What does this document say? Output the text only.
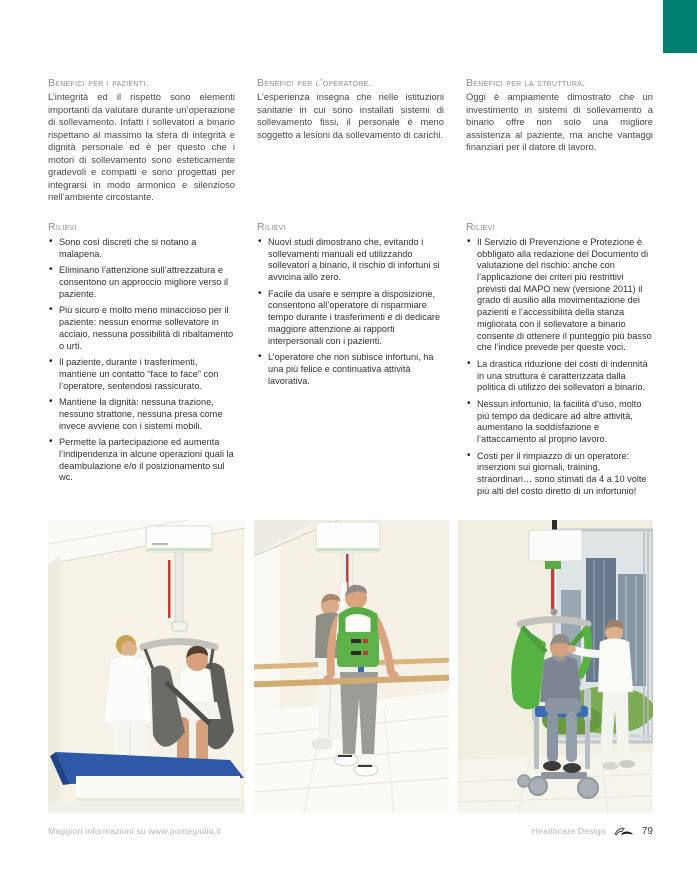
Benefici per i pazienti.

L’integrità ed il rispetto sono elementi importanti da valutare durante un’operazione di sollevamento. Infatti i sollevatori a binario rispettano al massimo la sfera di integrità e dignità personale ed è per questo che i motori di sollevamento sono esteticamente gradevoli e compatti e sono progettati per integrarsi in modo armonico e silenzioso nell’ambiente circostante.

Benefici per l’operatore.

L’esperienza insegna che nelle istituzioni sanitarie in cui sono installati sistemi di sollevamento fissi, il personale è meno soggetto a lesioni da sollevamento di carichi.

Benefici per la struttura.

Oggi è ampiamente dimostrato che un investimento in sistemi di sollevamento a binario offre non solo una migliore assistenza al paziente, ma anche vantaggi finanziari per il datore di lavoro.

Rilievi
• Sono così discreti che si notano a malapena.
• Eliminano l’attenzione sull’attrezzatura e consentono un approccio migliore verso il paziente.
• Più sicuro e molto meno minaccioso per il paziente: nessun enorme sollevatore in acciaio, nessuna possibilità di ribaltamento o urti.
• Il paziente, durante i trasferimenti, mantiene un contatto “face to face” con l’operatore, sentendosi rassicurato.
• Mantiene la dignità: nessuna trazione, nessuno strattone, nessuna presa come invece avviene con i sistemi mobili.
• Permette la partecipazione ed aumenta l’indipendenza in alcune operazioni quali la deambulazione e/o il posizionamento sul wc.
Rilievi
• Nuovi studi dimostrano che, evitando i sollevamenti manuali ed utilizzando sollevatori a binario, il rischio di infortuni si avvicina allo zero.
• Facile da usare e sempre a disposizione, consentono all’operatore di risparmiare tempo durante i trasferimenti e di dedicare maggiore attenzione ai rapporti interpersonali con i pazienti.
• L’operatore che non subisce infortuni, ha una più felice e continuativa attività lavorativa.
Rilievi
• Il Servizio di Prevenzione e Protezione è obbligato alla redazione del Documento di valutazione del rischio: anche con l’applicazione dei criteri più restrittivi previsti dal MAPO new (versione 2011) il grado di ausilio alla movimentazione dei pazienti e l’accessibilità della stanza migliorata con il sollevatore a binario consente di ottenere il punteggio più basso che l’indice prevede per queste voci.
• La drastica riduzione dei costi di indennità in una struttura è caratterizzata dalla politica di utilizzo dei sollevatori a binario.
• Nessun infortunio, la facilità d’uso, molto più tempo da dedicare ad altre attività, aumentano la soddisfazione e l’attaccamento al proprio lavoro.
• Costi per il rimpiazzo di un operatore: inserzioni sui giornali, training, straordinari… sono stimati da 4 a 10 volte più alti del costo diretto di un infortunio!
Maggiori informazioni su www.pontegiulio.it	Healthcare Design	79
